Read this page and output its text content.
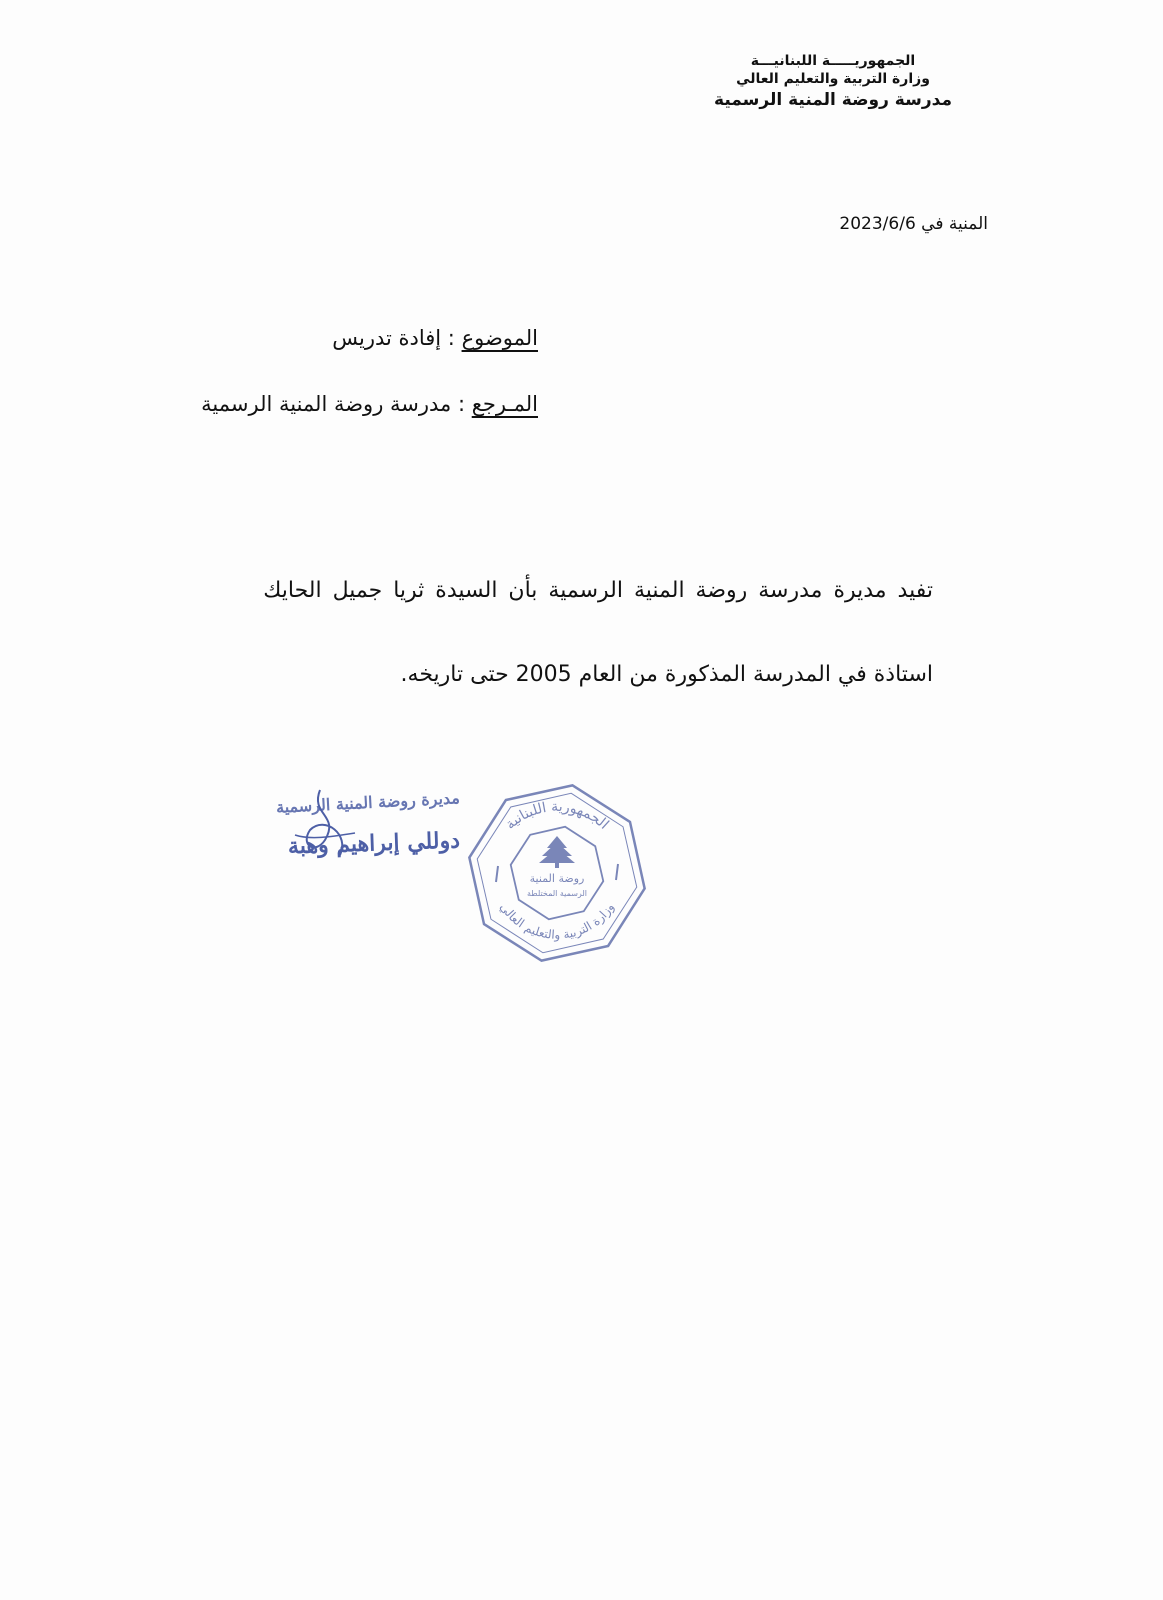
الجمهوريـــــة اللبنانيـــة
وزارة التربية والتعليم العالي
مدرسة روضة المنية الرسمية
المنية في 2023/6/6
الموضوع : إفادة تدريس
المـرجع : مدرسة روضة المنية الرسمية
تفيد مديرة مدرسة روضة المنية الرسمية بأن السيدة ثريا جميل الحايك
استاذة في المدرسة المذكورة من العام 2005 حتى تاريخه.
مديرة روضة المنية الرسمية
دوللي إبراهيم وهبة
الجمهورية اللبنانية
وزارة التربية والتعليم العالي
روضة المنية
الرسمية المختلطة
